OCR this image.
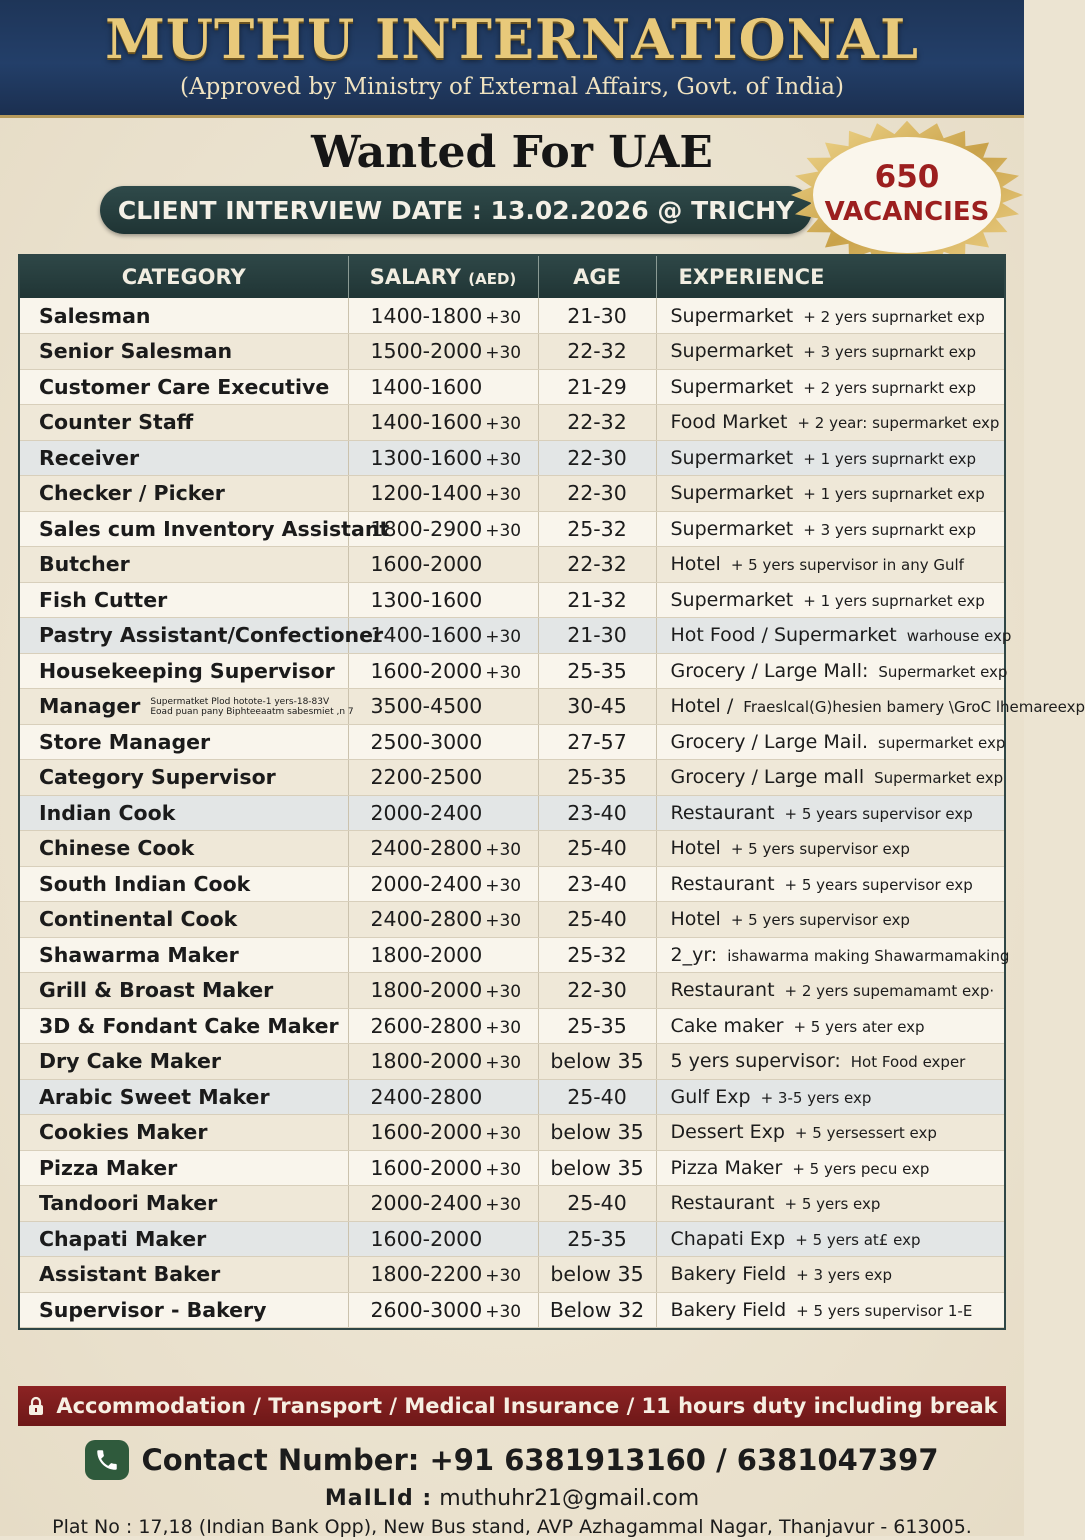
MUTHU INTERNATIONAL
(Approved by Ministry of External Affairs, Govt. of India)
Wanted For UAE
CLIENT INTERVIEW DATE : 13.02.2026 @ TRICHY
650
VACANCIES
CATEGORY	SALARY (AED)	AGE	EXPERIENCE
Salesman	1400-1800 +30	21-30	Supermarket + 2 yers suprnarket exp
Senior Salesman	1500-2000 +30	22-32	Supermarket + 3 yers suprnarkt exp
Customer Care Executive	1400-1600	21-29	Supermarket + 2 yers suprnarkt exp
Counter Staff	1400-1600 +30	22-32	Food Market + 2 year: supermarket exp
Receiver	1300-1600 +30	22-30	Supermarket + 1 yers suprnarkt exp
Checker / Picker	1200-1400 +30	22-30	Supermarket + 1 yers suprnarket exp
Sales cum Inventory Assistant	1800-2900 +30	25-32	Supermarket + 3 yers suprnarkt exp
Butcher	1600-2000	22-32	Hotel + 5 yers supervisor in any Gulf
Fish Cutter	1300-1600	21-32	Supermarket + 1 yers suprnarket exp
Pastry Assistant/Confectioner	1400-1600 +30	21-30	Hot Food / Supermarket warhouse exp
Housekeeping Supervisor	1600-2000 +30	25-35	Grocery / Large Mall: Supermarket exp
Manager Supermatket Plod hotote-1 yers-18-83V
Eoad puan pany Biphteeaatm sabesmiet ,n 7	3500-4500	30-45	Hotel / Fraeslcal(G)hesien bamery \GroC lhemareexp
Store Manager	2500-3000	27-57	Grocery / Large Mail. supermarket exp
Category Supervisor	2200-2500	25-35	Grocery / Large mall Supermarket exp
Indian Cook	2000-2400	23-40	Restaurant + 5 years supervisor exp
Chinese Cook	2400-2800 +30	25-40	Hotel + 5 yers supervisor exp
South Indian Cook	2000-2400 +30	23-40	Restaurant + 5 years supervisor exp
Continental Cook	2400-2800 +30	25-40	Hotel + 5 yers supervisor exp
Shawarma Maker	1800-2000	25-32	2_yr: ishawarma making Shawarmamaking
Grill & Broast Maker	1800-2000 +30	22-30	Restaurant + 2 yers supemamamt exp·
3D & Fondant Cake Maker	2600-2800 +30	25-35	Cake maker + 5 yers ater exp
Dry Cake Maker	1800-2000 +30	below 35	5 yers supervisor: Hot Food exper
Arabic Sweet Maker	2400-2800	25-40	Gulf Exp + 3-5 yers exp
Cookies Maker	1600-2000 +30	below 35	Dessert Exp + 5 yersessert exp
Pizza Maker	1600-2000 +30	below 35	Pizza Maker + 5 yers pecu exp
Tandoori Maker	2000-2400 +30	25-40	Restaurant + 5 yers exp
Chapati Maker	1600-2000	25-35	Chapati Exp + 5 yers at£ exp
Assistant Baker	1800-2200 +30	below 35	Bakery Field + 3 yers exp
Supervisor - Bakery	2600-3000 +30	Below 32	Bakery Field + 5 yers supervisor 1-E
Accommodation / Transport / Medical Insurance / 11 hours duty including break
Contact Number: +91 6381913160 / 6381047397
MaILId : muthuhr21@gmail.com
Plat No : 17,18 (Indian Bank Opp), New Bus stand, AVP Azhagammal Nagar, Thanjavur - 613005.
